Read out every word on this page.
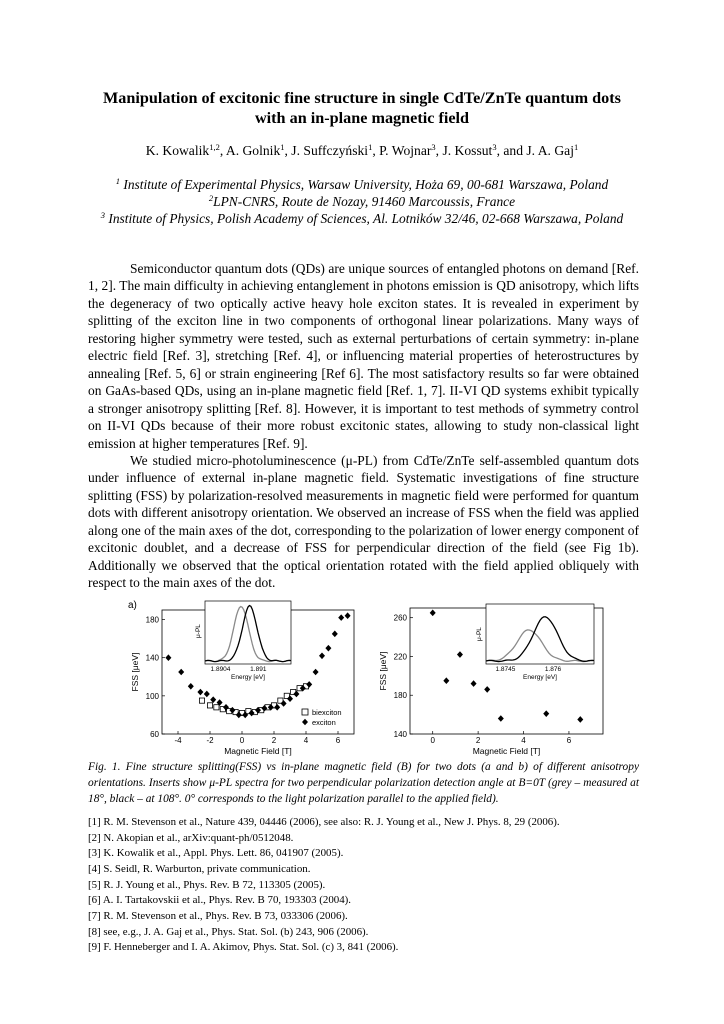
Manipulation of excitonic fine structure in single CdTe/ZnTe quantum dots
with an in-plane magnetic field
K. Kowalik$^{1,2}$, A. Golnik$^1$, J. Suffczyński$^1$, P. Wojnar$^3$, J. Kossut$^3$, and J. A. Gaj$^1$
$^1$ Institute of Experimental Physics, Warsaw University, Hoża 69, 00-681 Warszawa, Poland
$^2$LPN-CNRS, Route de Nozay, 91460 Marcoussis, France
$^3$ Institute of Physics, Polish Academy of Sciences, Al. Lotników 32/46, 02-668 Warszawa, Poland

Semiconductor quantum dots (QDs) are unique sources of entangled photons on demand [Ref. 1, 2]. The main difficulty in achieving entanglement in photons emission is QD anisotropy, which lifts the degeneracy of two optically active heavy hole exciton states. It is revealed in experiment by splitting of the exciton line in two components of orthogonal linear polarizations. Many ways of restoring higher symmetry were tested, such as external perturbations of certain symmetry: in-plane electric field [Ref. 3], stretching [Ref. 4], or influencing material properties of heterostructures by annealing [Ref. 5, 6] or strain engineering [Ref 6]. The most satisfactory results so far were obtained on GaAs-based QDs, using an in-plane magnetic field [Ref. 1, 7]. II-VI QD systems exhibit typically a stronger anisotropy splitting [Ref. 8]. However, it is important to test methods of symmetry control on II-VI QDs because of their more robust excitonic states, allowing to study non-classical light emission at higher temperatures [Ref. 9].

We studied micro-photoluminescence (μ-PL) from CdTe/ZnTe self-assembled quantum dots under influence of external in-plane magnetic field. Systematic investigations of fine structure splitting (FSS) by polarization-resolved measurements in magnetic field were performed for quantum dots with different anisotropy orientation. We observed an increase of FSS when the field was applied along one of the main axes of the dot, corresponding to the polarization of lower energy component of excitonic doublet, and a decrease of FSS for perpendicular direction of the field (see Fig 1b). Additionally we observed that the optical orientation rotated with the field applied obliquely with respect to the main axes of the dot.

a)
-4	-2	0	2	4	6
60
100
140
180
Magnetic Field [T]
FSS [μeV]
biexciton
exciton
μ-PL
Energy [eV]
1.8904	1.891
0	2	4	6
140
180
220
260
Magnetic Field [T]
FSS [μeV]
μ-PL
Energy [eV]
1.8745	1.876
Fig. 1. Fine structure splitting(FSS) vs in-plane magnetic field (B) for two dots (a and b) of different anisotropy orientations. Inserts show μ-PL spectra for two perpendicular polarization detection angle at B=0T (grey – measured at 18°, black – at 108°. 0° corresponds to the light polarization parallel to the applied field).
[1] R. M. Stevenson et al., Nature 439, 04446 (2006), see also: R. J. Young et al., New J. Phys. 8, 29 (2006).
[2] N. Akopian et al., arXiv:quant-ph/0512048.
[3] K. Kowalik et al., Appl. Phys. Lett. 86, 041907 (2005).
[4] S. Seidl, R. Warburton, private communication.
[5] R. J. Young et al., Phys. Rev. B 72, 113305 (2005).
[6] A. I. Tartakovskii et al., Phys. Rev. B 70, 193303 (2004).
[7] R. M. Stevenson et al., Phys. Rev. B 73, 033306 (2006).
[8] see, e.g., J. A. Gaj et al., Phys. Stat. Sol. (b) 243, 906 (2006).
[9] F. Henneberger and I. A. Akimov, Phys. Stat. Sol. (c) 3, 841 (2006).
